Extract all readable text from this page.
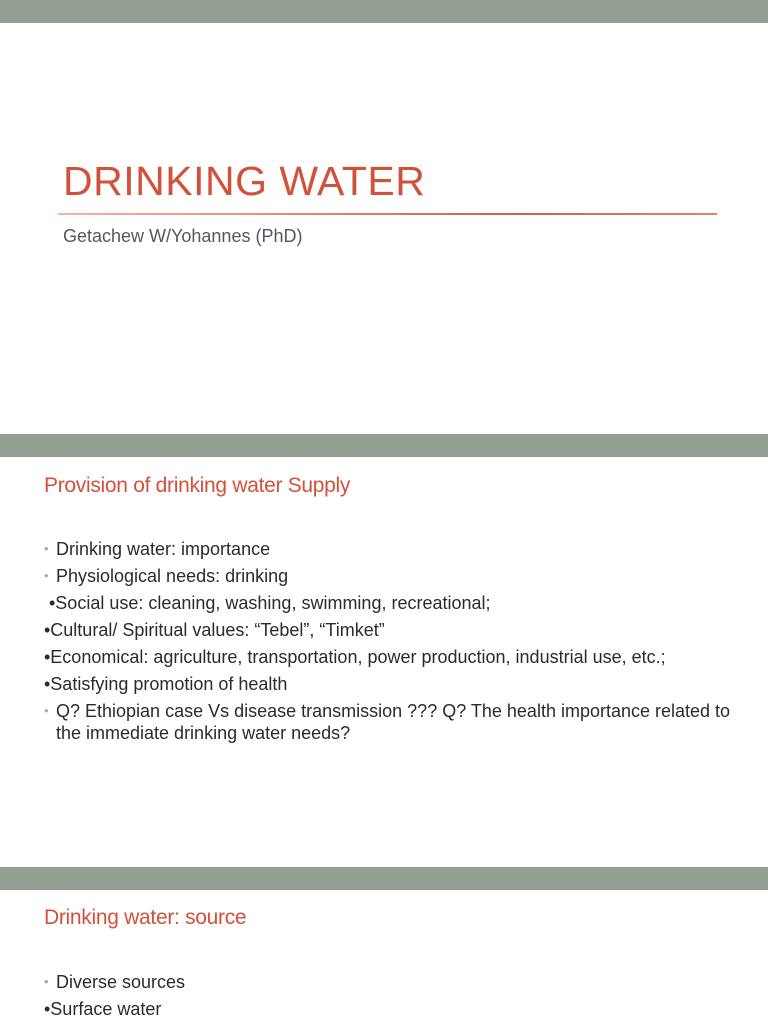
DRINKING WATER
Getachew W/Yohannes (PhD)
Provision of drinking water Supply
• Drinking water: importance
• Physiological needs: drinking
•Social use: cleaning, washing, swimming, recreational;
•Cultural/ Spiritual values: “Tebel”, “Timket”
•Economical: agriculture, transportation, power production, industrial use, etc.;
•Satisfying promotion of health
• Q? Ethiopian case Vs disease transmission ??? Q? The health importance related to the immediate drinking water needs?
Drinking water: source
• Diverse sources
•Surface water
